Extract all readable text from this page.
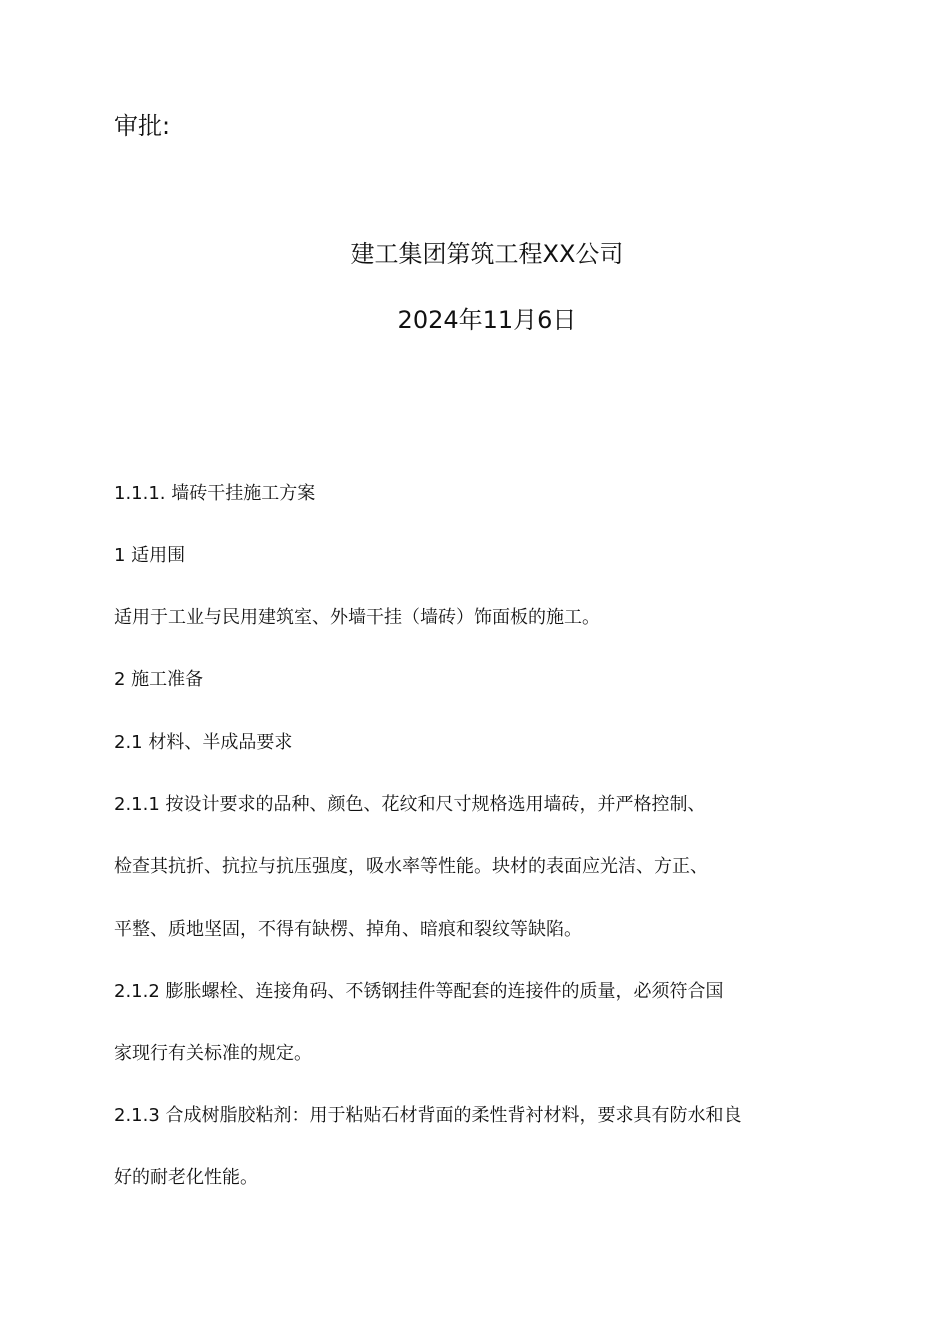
审批:
建工集团第筑工程XX公司
2024年11月6日
1.1.1. 墙砖干挂施工方案
1 适用围
适用于工业与民用建筑室、外墙干挂（墙砖）饰面板的施工。
2 施工准备
2.1 材料、半成品要求
2.1.1 按设计要求的品种、颜色、花纹和尺寸规格选用墙砖，并严格控制、
检查其抗折、抗拉与抗压强度，吸水率等性能。块材的表面应光洁、方正、
平整、质地坚固，不得有缺楞、掉角、暗痕和裂纹等缺陷。
2.1.2 膨胀螺栓、连接角码、不锈钢挂件等配套的连接件的质量，必须符合国
家现行有关标准的规定。
2.1.3 合成树脂胶粘剂：用于粘贴石材背面的柔性背衬材料，要求具有防水和良
好的耐老化性能。
